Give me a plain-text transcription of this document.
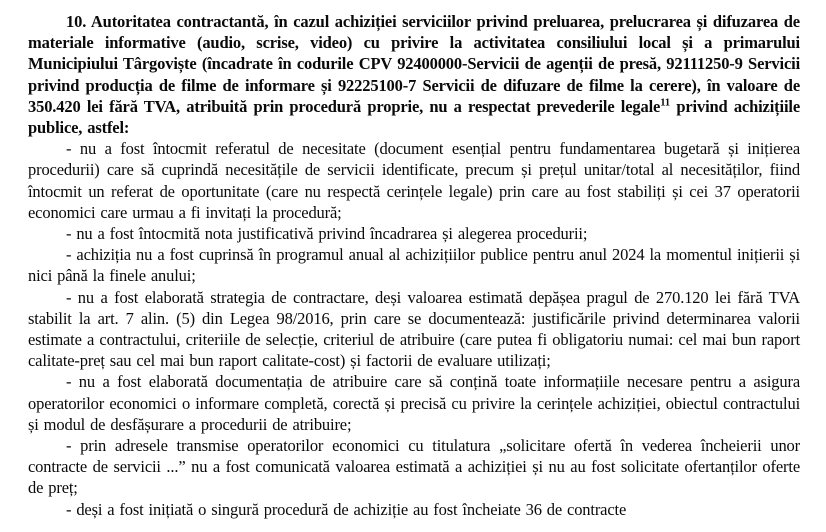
10. Autoritatea contractantă, în cazul achiziției serviciilor privind preluarea, prelucrarea și difuzarea de materiale informative (audio, scrise, video) cu privire la activitatea consiliului local și a primarului Municipiului Târgoviște (încadrate în codurile CPV 92400000-Servicii de agenții de presă, 92111250-9 Servicii privind producția de filme de informare și 92225100-7 Servicii de difuzare de filme la cerere), în valoare de 350.420 lei fără TVA, atribuită prin procedură proprie, nu a respectat prevederile legale$^{11}$ privind achizițiile publice, astfel:

- nu a fost întocmit referatul de necesitate (document esențial pentru fundamentarea bugetară și inițierea procedurii) care să cuprindă necesitățile de servicii identificate, precum și prețul unitar/total al necesităților, fiind întocmit un referat de oportunitate (care nu respectă cerințele legale) prin care au fost stabiliți și cei 37 operatorii economici care urmau a fi invitați la procedură;

- nu a fost întocmită nota justificativă privind încadrarea și alegerea procedurii;

- achiziția nu a fost cuprinsă în programul anual al achizițiilor publice pentru anul 2024 la momentul inițierii și nici până la finele anului;

- nu a fost elaborată strategia de contractare, deși valoarea estimată depășea pragul de 270.120 lei fără TVA stabilit la art. 7 alin. (5) din Legea 98/2016, prin care se documentează: justificările privind determinarea valorii estimate a contractului, criteriile de selecție, criteriul de atribuire (care putea fi obligatoriu numai: cel mai bun raport calitate-preț sau cel mai bun raport calitate-cost) și factorii de evaluare utilizați;

- nu a fost elaborată documentația de atribuire care să conțină toate informațiile necesare pentru a asigura operatorilor economici o informare completă, corectă și precisă cu privire la cerințele achiziției, obiectul contractului și modul de desfășurare a procedurii de atribuire;

- prin adresele transmise operatorilor economici cu titulatura „solicitare ofertă în vederea încheierii unor contracte de servicii ...” nu a fost comunicată valoarea estimată a achiziției și nu au fost solicitate ofertanților oferte de preț;

- deși a fost inițiată o singură procedură de achiziție au fost încheiate 36 de contracte
